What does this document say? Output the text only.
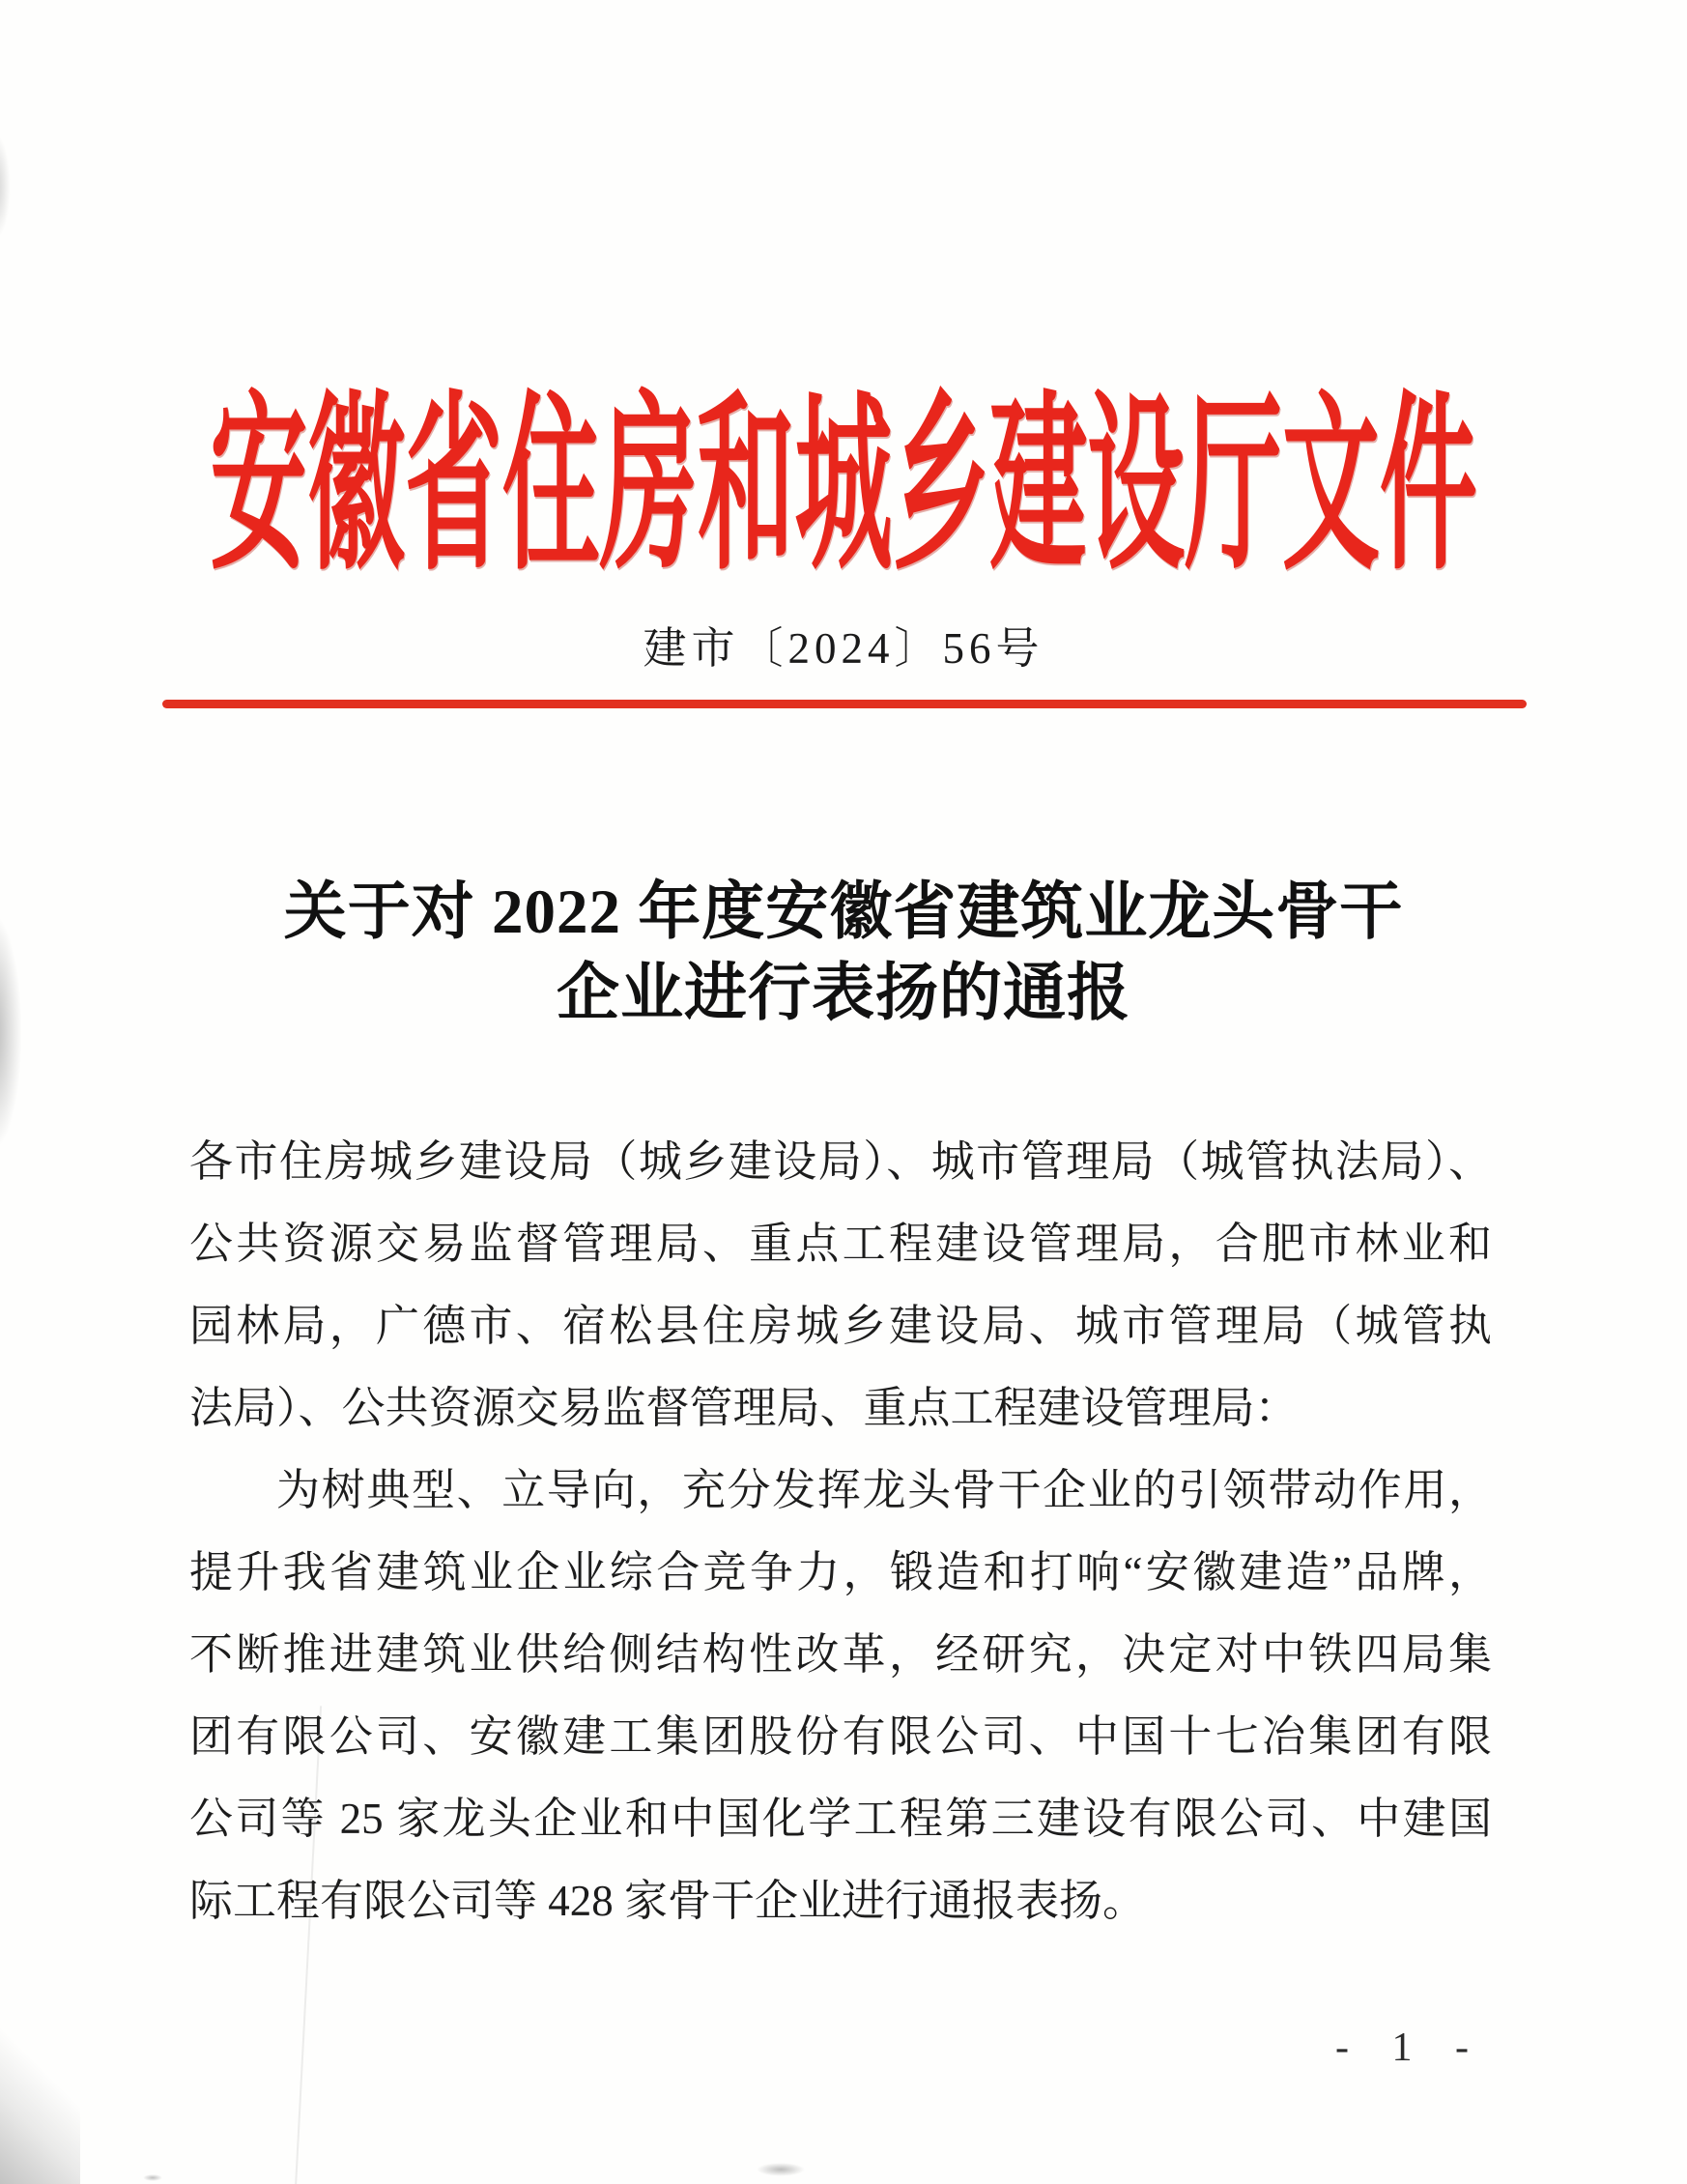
安徽省住房和城乡建设厅文件
建市〔2024〕56号
关于对 2022 年度安徽省建筑业龙头骨干
企业进行表扬的通报
各市住房城乡建设局（城乡建设局）、城市管理局（城管执法局）、
公共资源交易监督管理局、重点工程建设管理局，合肥市林业和
园林局，广德市、宿松县住房城乡建设局、城市管理局（城管执
法局）、公共资源交易监督管理局、重点工程建设管理局：
为树典型、立导向，充分发挥龙头骨干企业的引领带动作用，
提升我省建筑业企业综合竞争力，锻造和打响“安徽建造”品牌，
不断推进建筑业供给侧结构性改革，经研究，决定对中铁四局集
团有限公司、安徽建工集团股份有限公司、中国十七冶集团有限
公司等 25 家龙头企业和中国化学工程第三建设有限公司、中建国
际工程有限公司等 428 家骨干企业进行通报表扬。
- 1 -
